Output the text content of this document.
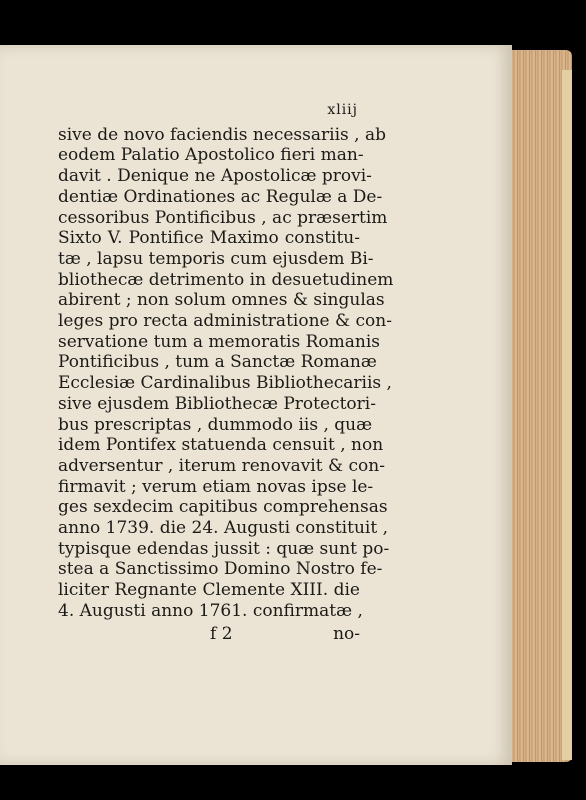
xliij
sive de novo faciendis necessariis , ab
eodem Palatio Apostolico fieri man-
davit . Denique ne Apostolicæ provi-
dentiæ Ordinationes ac Regulæ a De-
cessoribus Pontificibus , ac præsertim
Sixto V. Pontifice Maximo constitu-
tæ , lapsu temporis cum ejusdem Bi-
bliothecæ detrimento in desuetudinem
abirent ; non solum omnes & singulas
leges pro recta administratione & con-
servatione tum a memoratis Romanis
Pontificibus , tum a Sanctæ Romanæ
Ecclesiæ Cardinalibus Bibliothecariis ,
sive ejusdem Bibliothecæ Protectori-
bus prescriptas , dummodo iis , quæ
idem Pontifex statuenda censuit , non
adversentur , iterum renovavit & con-
firmavit ; verum etiam novas ipse le-
ges sexdecim capitibus comprehensas
anno 1739. die 24. Augusti constituit ,
typisque edendas jussit : quæ sunt po-
stea a Sanctissimo Domino Nostro fe-
liciter Regnante Clemente XIII. die
4. Augusti anno 1761. confirmatæ ,
f 2	no-
